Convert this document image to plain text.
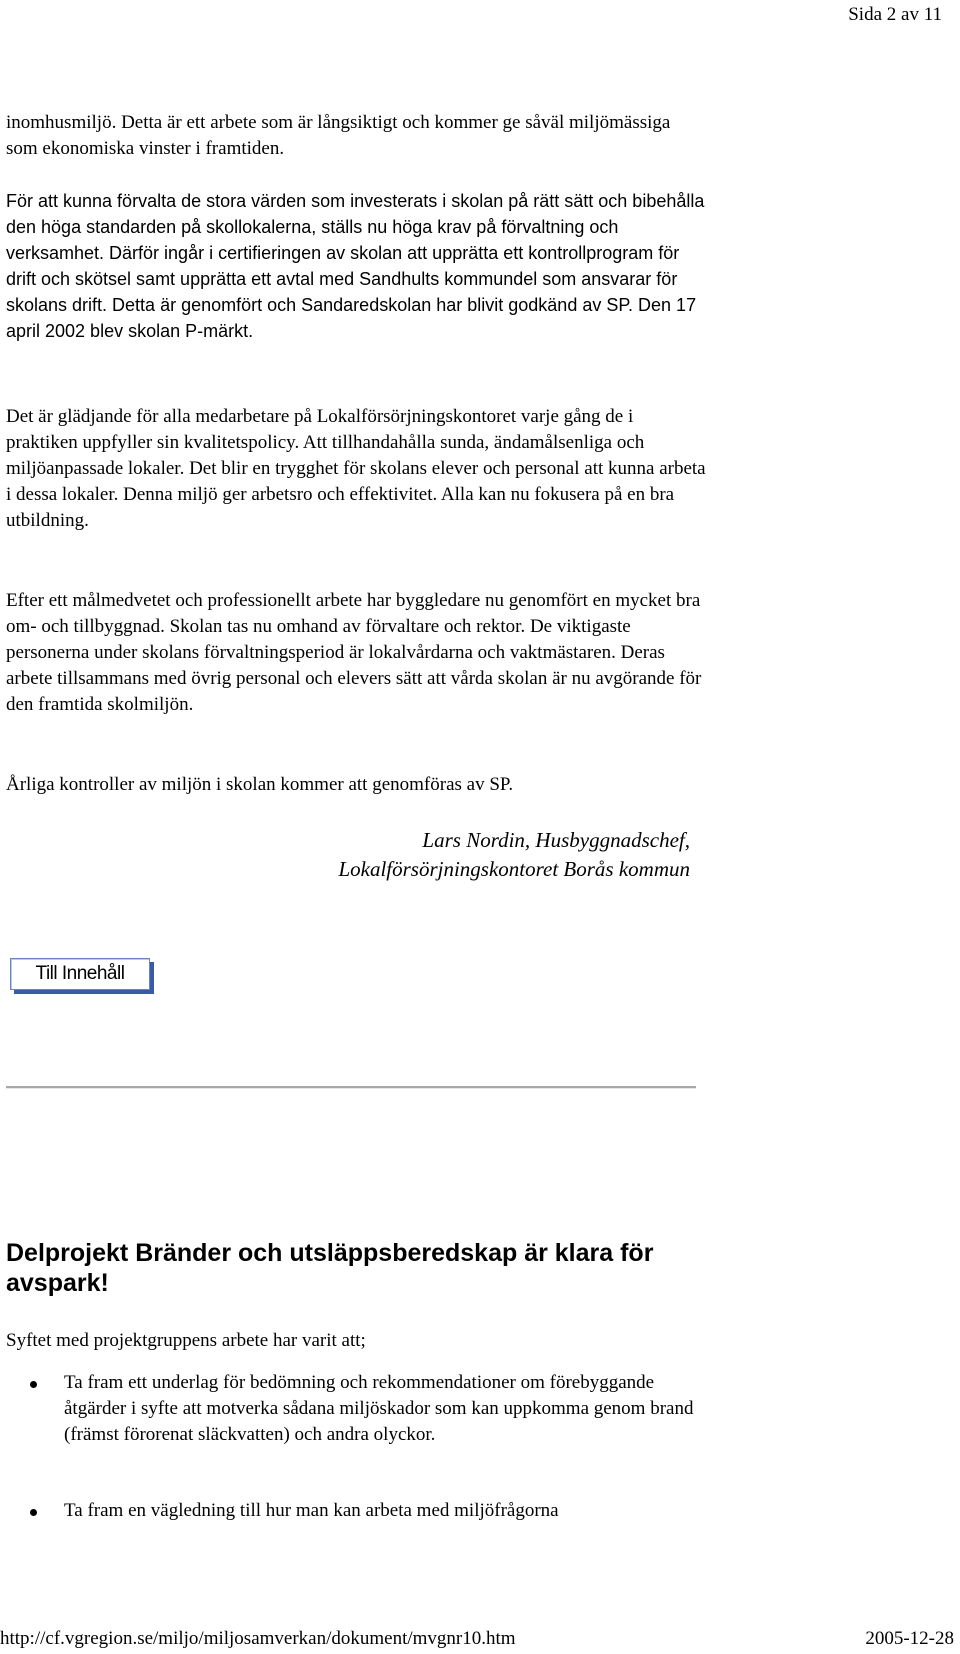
Sida 2 av 11

inomhusmiljö. Detta är ett arbete som är långsiktigt och kommer ge såväl miljömässiga som ekonomiska vinster i framtiden.

För att kunna förvalta de stora värden som investerats i skolan på rätt sätt och bibehålla den höga standarden på skollokalerna, ställs nu höga krav på förvaltning och verksamhet. Därför ingår i certifieringen av skolan att upprätta ett kontrollprogram för drift och skötsel samt upprätta ett avtal med Sandhults kommundel som ansvarar för skolans drift. Detta är genomfört och Sandaredskolan har blivit godkänd av SP. Den 17 april 2002 blev skolan P-märkt.

Det är glädjande för alla medarbetare på Lokalförsörjningskontoret varje gång de i praktiken uppfyller sin kvalitetspolicy. Att tillhandahålla sunda, ändamålsenliga och miljöanpassade lokaler. Det blir en trygghet för skolans elever och personal att kunna arbeta i dessa lokaler. Denna miljö ger arbetsro och effektivitet. Alla kan nu fokusera på en bra utbildning.

Efter ett målmedvetet och professionellt arbete har byggledare nu genomfört en mycket bra om- och tillbyggnad. Skolan tas nu omhand av förvaltare och rektor. De viktigaste personerna under skolans förvaltningsperiod är lokalvårdarna och vaktmästaren. Deras arbete tillsammans med övrig personal och elevers sätt att vårda skolan är nu avgörande för den framtida skolmiljön.

Årliga kontroller av miljön i skolan kommer att genomföras av SP.

Lars Nordin, Husbyggnadschef,
Lokalförsörjningskontoret Borås kommun
Till Innehåll
Delprojekt Bränder och utsläppsberedskap är klara för avspark!

Syftet med projektgruppens arbete har varit att;

Ta fram ett underlag för bedömning och rekommendationer om förebyggande åtgärder i syfte att motverka sådana miljöskador som kan uppkomma genom brand (främst förorenat släckvatten) och andra olyckor.

Ta fram en vägledning till hur man kan arbeta med miljöfrågorna

http://cf.vgregion.se/miljo/miljosamverkan/dokument/mvgnr10.htm	2005-12-28
